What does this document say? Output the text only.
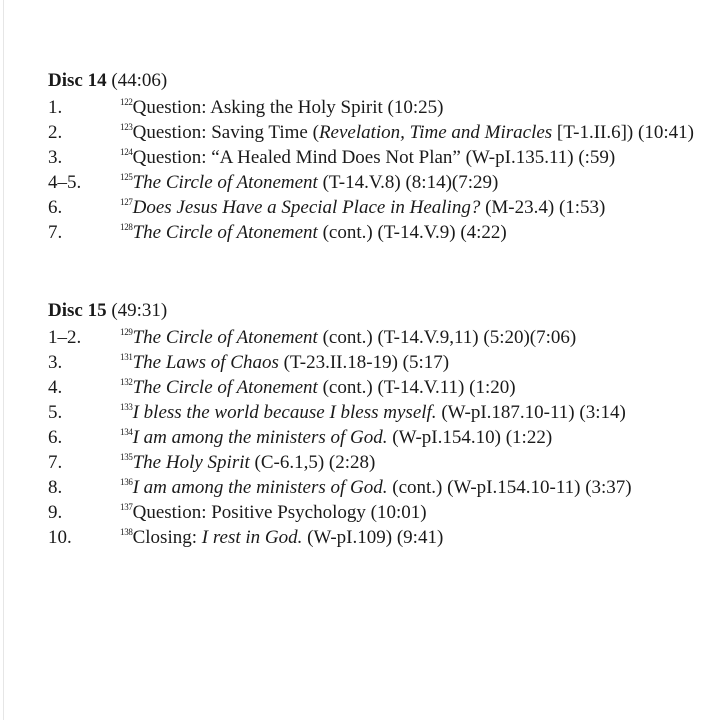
Disc 14 (44:06)
1.	$^{122}$Question: Asking the Holy Spirit (10:25)
2.	$^{123}$Question: Saving Time (Revelation, Time and Miracles [T-1.II.6]) (10:41)
3.	$^{124}$Question: “A Healed Mind Does Not Plan” (W-pI.135.11) (:59)
4–5.	$^{125}$The Circle of Atonement (T-14.V.8) (8:14)(7:29)
6.	$^{127}$Does Jesus Have a Special Place in Healing? (M-23.4) (1:53)
7.	$^{128}$The Circle of Atonement (cont.) (T-14.V.9) (4:22)
Disc 15 (49:31)
1–2.	$^{129}$The Circle of Atonement (cont.) (T-14.V.9,11) (5:20)(7:06)
3.	$^{131}$The Laws of Chaos (T-23.II.18-19) (5:17)
4.	$^{132}$The Circle of Atonement (cont.) (T-14.V.11) (1:20)
5.	$^{133}$I bless the world because I bless myself. (W-pI.187.10-11) (3:14)
6.	$^{134}$I am among the ministers of God. (W-pI.154.10) (1:22)
7.	$^{135}$The Holy Spirit (C-6.1,5) (2:28)
8.	$^{136}$I am among the ministers of God. (cont.) (W-pI.154.10-11) (3:37)
9.	$^{137}$Question: Positive Psychology (10:01)
10.	$^{138}$Closing: I rest in God. (W-pI.109) (9:41)
